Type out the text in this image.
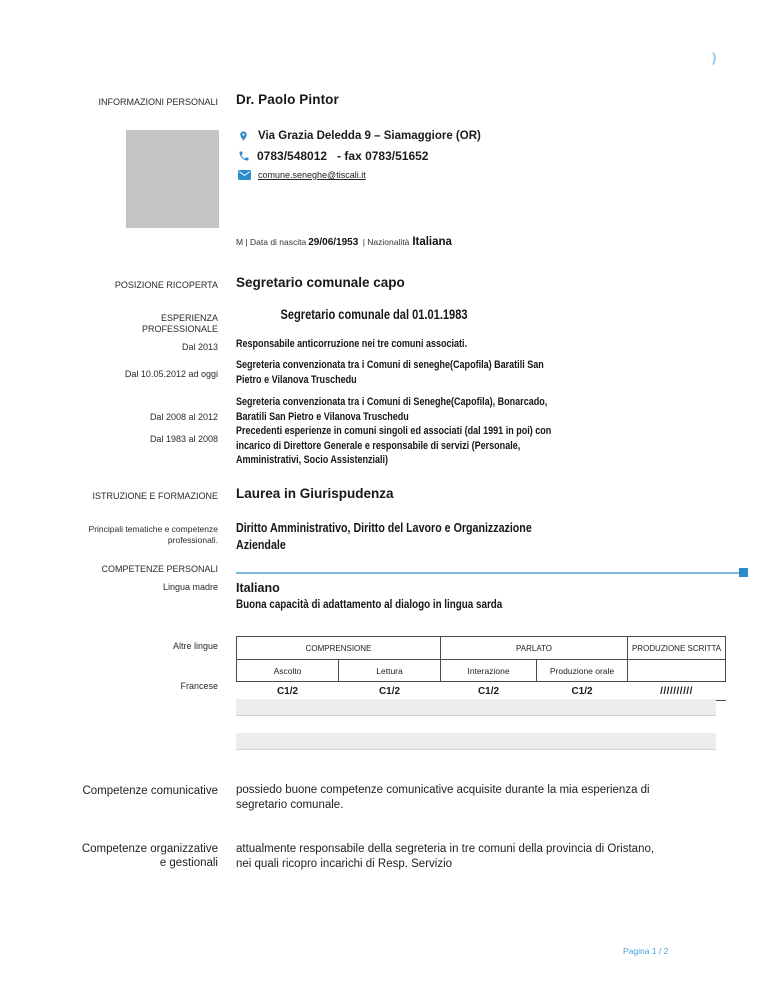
)
INFORMAZIONI PERSONALI Dr. Paolo Pintor
Via Grazia Deledda 9 – Siamaggiore (OR)
0783/548012   - fax 0783/51652
comune.seneghe@tiscali.it
M | Data di nascita 29/06/1953 | Nazionalità Italiana
POSIZIONE RICOPERTA Segretario comunale capo
ESPERIENZA
PROFESSIONALE
Segretario comunale dal 01.01.1983
Dal 2013 Responsabile anticorruzione nei tre comuni associati.
Dal 10.05.2012 ad oggi
Segreteria convenzionata tra i Comuni di seneghe(Capofila) Baratili San
Pietro e Vilanova Truschedu
Dal 2008 al 2012
Segreteria convenzionata tra i Comuni di Seneghe(Capofila), Bonarcado,
Baratili San Pietro e Vilanova Truschedu
Dal 1983 al 2008
Precedenti esperienze in comuni singoli ed associati (dal 1991 in poi) con
incarico di Direttore Generale e responsabile di servizi (Personale,
Amministrativi, Socio Assistenziali)
ISTRUZIONE E FORMAZIONE Laurea in Giurispudenza
Principali tematiche e competenze
professionali.
Diritto Amministrativo, Diritto del Lavoro e Organizzazione
Aziendale
COMPETENZE PERSONALI
Lingua madre Italiano
Buona capacità di adattamento al dialogo in lingua sarda
Altre lingue	COMPRENSIONE		PARLATO		PRODUZIONE SCRITTA
Ascolto	Lettura	Interazione	Produzione orale	
C1/2	C1/2	C1/2	C1/2	//////////
Francese
Competenze comunicative possiedo buone competenze comunicative acquisite durante la mia esperienza di
segretario comunale.
Competenze organizzative
e gestionali
attualmente responsabile della segreteria in tre comuni della provincia di Oristano,
nei quali ricopro incarichi di Resp. Servizio
Pagina 1 / 2
